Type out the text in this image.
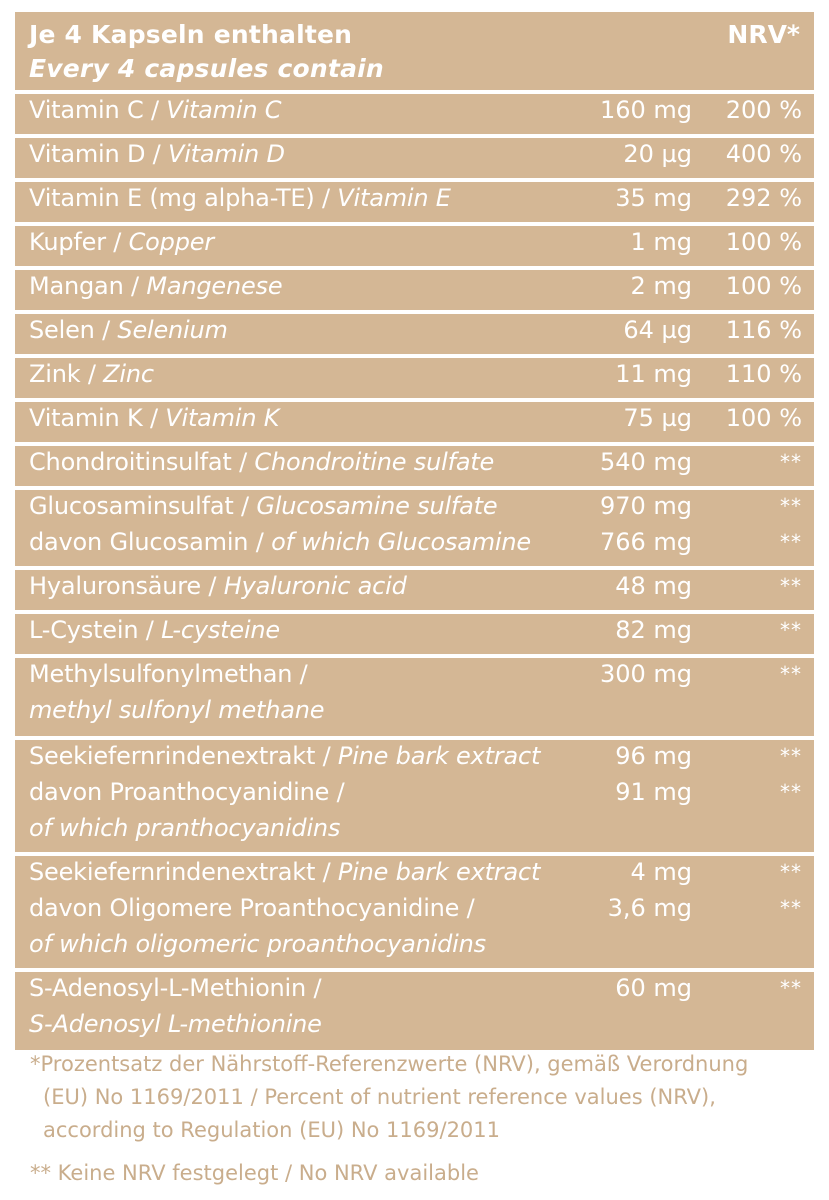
Je 4 Kapseln enthalten
Every 4 capsules contain
NRV*
Vitamin C / Vitamin C	160 mg 200 %
Vitamin D / Vitamin D	20 µg 400 %
Vitamin E (mg alpha-TE) / Vitamin E	35 mg 292 %
Kupfer / Copper	1 mg 100 %
Mangan / Mangenese	2 mg 100 %
Selen / Selenium	64 µg 116 %
Zink / Zinc	11 mg 110 %
Vitamin K / Vitamin K	75 µg 100 %
Chondroitinsulfat / Chondroitine sulfate	540 mg	**
Glucosaminsulfat / Glucosamine sulfate	970 mg	**
davon Glucosamin / of which Glucosamine	766 mg	**
Hyaluronsäure / Hyaluronic acid	48 mg	**
L-Cystein / L-cysteine	82 mg	**
Methylsulfonylmethan /	300 mg	**
methyl sulfonyl methane
Seekiefernrindenextrakt / Pine bark extract	96 mg	**
davon Proanthocyanidine /	91 mg	**
of which pranthocyanidins
Seekiefernrindenextrakt / Pine bark extract	4 mg	**
davon Oligomere Proanthocyanidine /	3,6 mg	**
of which oligomeric proanthocyanidins
S-Adenosyl-L-Methionin /	60 mg	**
S-Adenosyl L-methionine
*Prozentsatz der Nährstoff-Referenzwerte (NRV), gemäß Verordnung
(EU) No 1169/2011 / Percent of nutrient reference values (NRV),
according to Regulation (EU) No 1169/2011
** Keine NRV festgelegt / No NRV available
